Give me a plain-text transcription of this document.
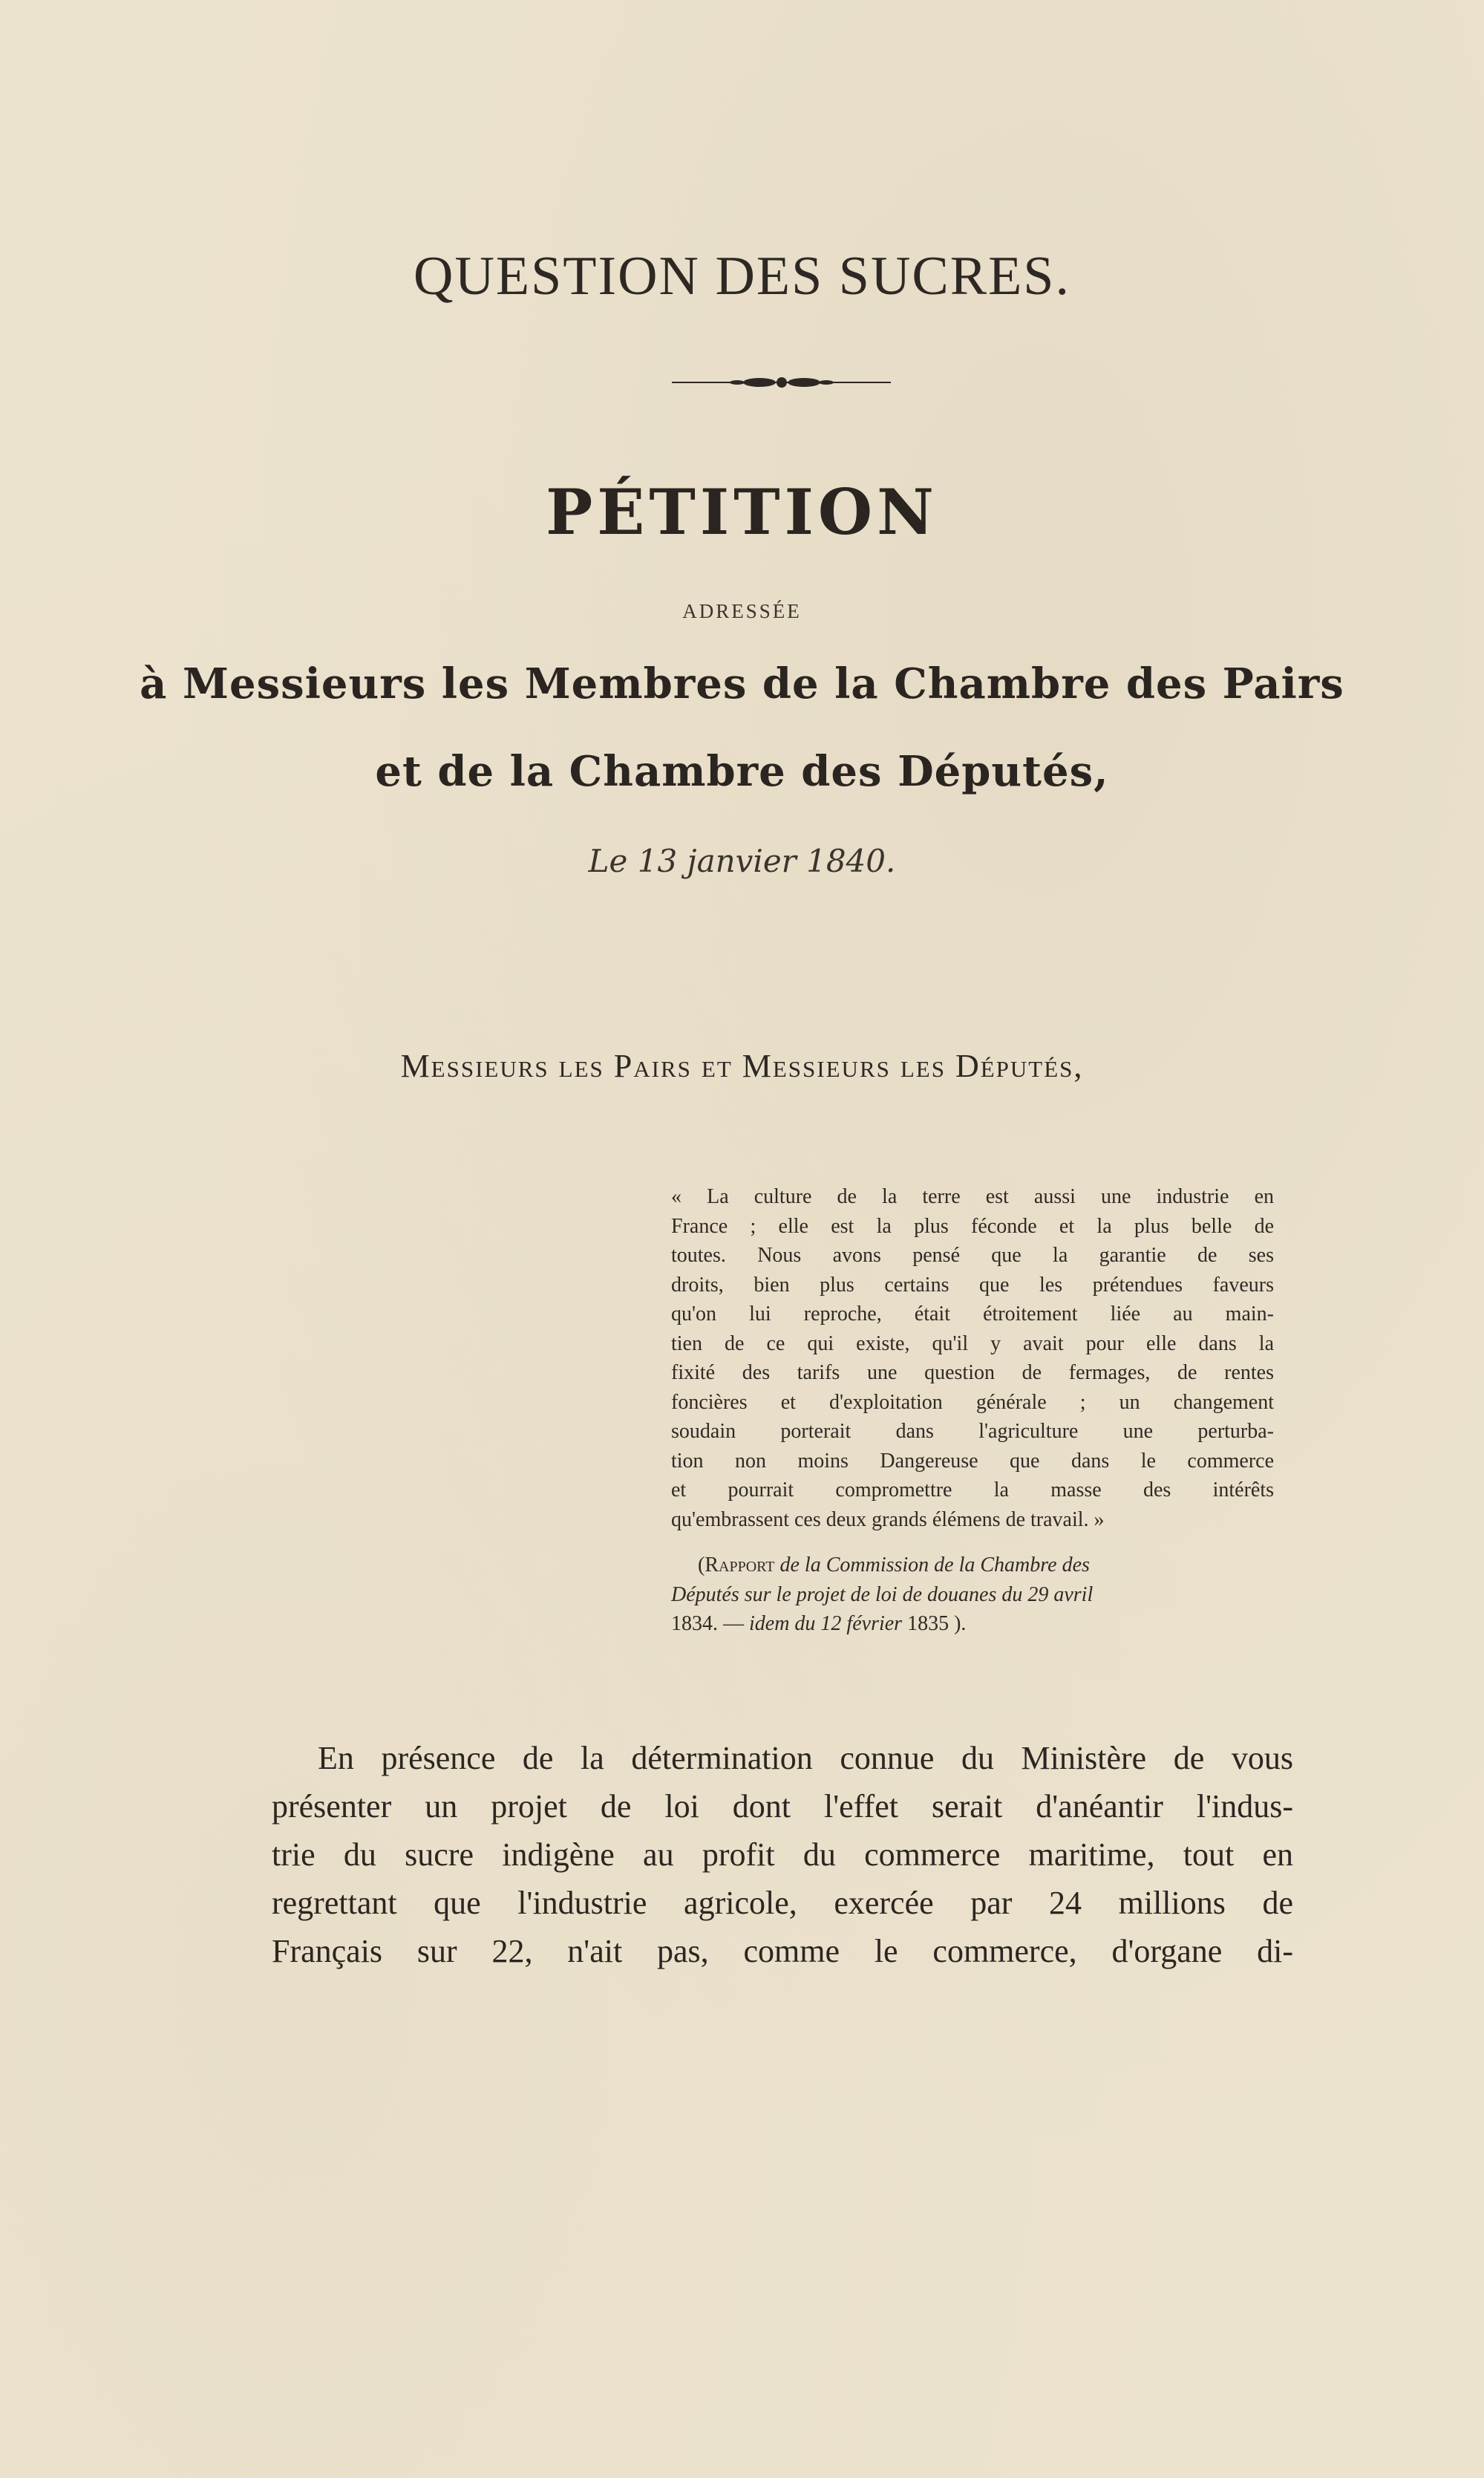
QUESTION DES SUCRES.
PÉTITION
ADRESSÉE
à Messieurs les Membres de la Chambre des Pairs
et de la Chambre des Députés,
Le 13 janvier 1840.
Messieurs les Pairs et Messieurs les Députés,
« La culture de la terre est aussi une industrie en
France ; elle est la plus féconde et la plus belle de
toutes. Nous avons pensé que la garantie de ses
droits, bien plus certains que les prétendues faveurs
qu'on lui reproche, était étroitement liée au main-
tien de ce qui existe, qu'il y avait pour elle dans la
fixité des tarifs une question de fermages, de rentes
foncières et d'exploitation générale ; un changement
soudain porterait dans l'agriculture une perturba-
tion non moins Dangereuse que dans le commerce
et pourrait compromettre la masse des intérêts
qu'embrassent ces deux grands élémens de travail. »
(Rapport de la Commission de la Chambre des
Députés sur le projet de loi de douanes du 29 avril
1834. — idem du 12 février 1835 ).
En présence de la détermination connue du Ministère de vous
présenter un projet de loi dont l'effet serait d'anéantir l'indus-
trie du sucre indigène au profit du commerce maritime, tout en
regrettant que l'industrie agricole, exercée par 24 millions de
Français sur 22, n'ait pas, comme le commerce, d'organe di-
